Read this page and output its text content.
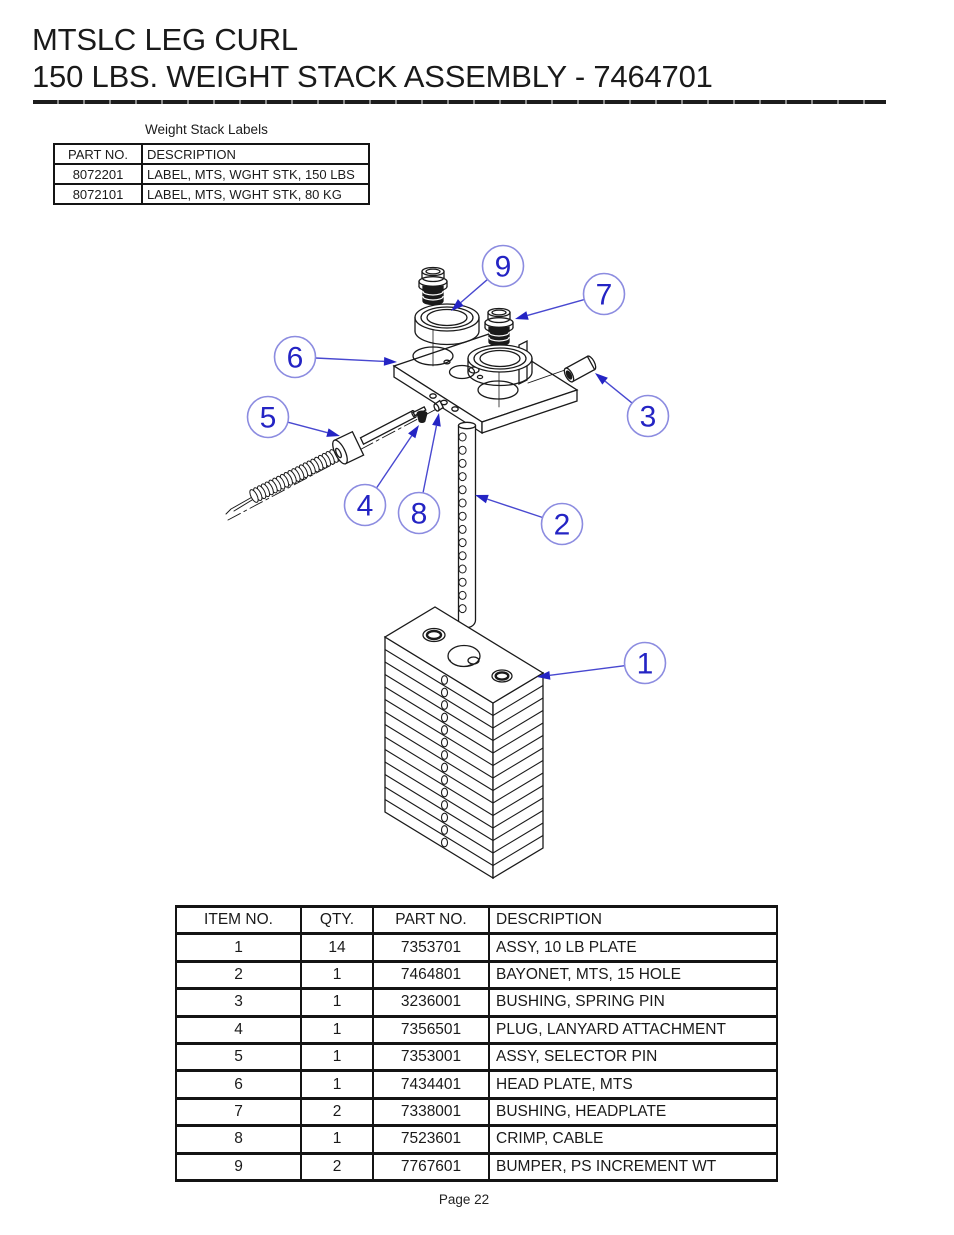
MTSLC LEG CURL
150 LBS. WEIGHT STACK ASSEMBLY - 7464701
Weight Stack Labels
PART NO.	DESCRIPTION
8072201	LABEL, MTS, WGHT STK, 150 LBS
8072101	LABEL, MTS, WGHT STK, 80 KG
1
2
3
4
5
6
7
8
9
ITEM NO.	QTY.	PART NO.	DESCRIPTION
1	14	7353701	ASSY, 10 LB PLATE
2	1	7464801	BAYONET, MTS, 15 HOLE
3	1	3236001	BUSHING, SPRING PIN
4	1	7356501	PLUG, LANYARD ATTACHMENT
5	1	7353001	ASSY, SELECTOR PIN
6	1	7434401	HEAD PLATE, MTS
7	2	7338001	BUSHING, HEADPLATE
8	1	7523601	CRIMP, CABLE
9	2	7767601	BUMPER, PS INCREMENT WT
Page 22
